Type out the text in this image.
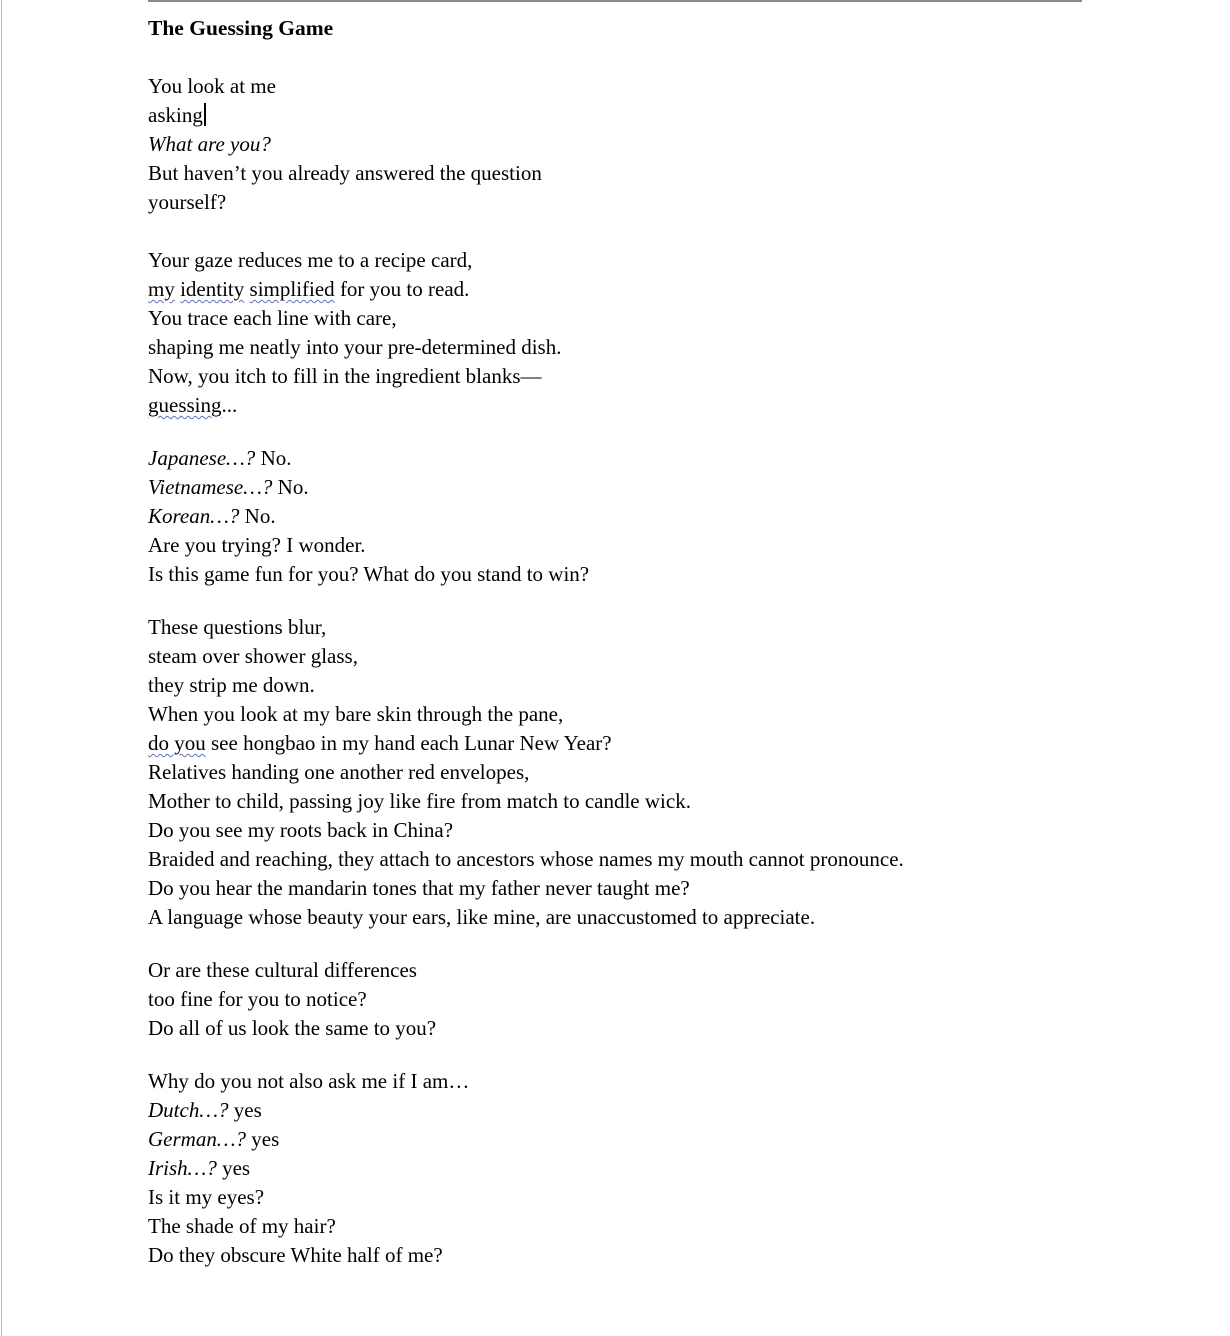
The Guessing Game
You look at me
asking
What are you?
But haven’t you already answered the question
yourself?
Your gaze reduces me to a recipe card,
my identity simplified for you to read.
You trace each line with care,
shaping me neatly into your pre-determined dish.
Now, you itch to fill in the ingredient blanks—
guessing...
Japanese…? No.
Vietnamese…? No.
Korean…? No.
Are you trying? I wonder.
Is this game fun for you? What do you stand to win?
These questions blur,
steam over shower glass,
they strip me down.
When you look at my bare skin through the pane,
do you see hongbao in my hand each Lunar New Year?
Relatives handing one another red envelopes,
Mother to child, passing joy like fire from match to candle wick.
Do you see my roots back in China?
Braided and reaching, they attach to ancestors whose names my mouth cannot pronounce.
Do you hear the mandarin tones that my father never taught me?
A language whose beauty your ears, like mine, are unaccustomed to appreciate.
Or are these cultural differences
too fine for you to notice?
Do all of us look the same to you?
Why do you not also ask me if I am…
Dutch…? yes
German…? yes
Irish…? yes
Is it my eyes?
The shade of my hair?
Do they obscure White half of me?
